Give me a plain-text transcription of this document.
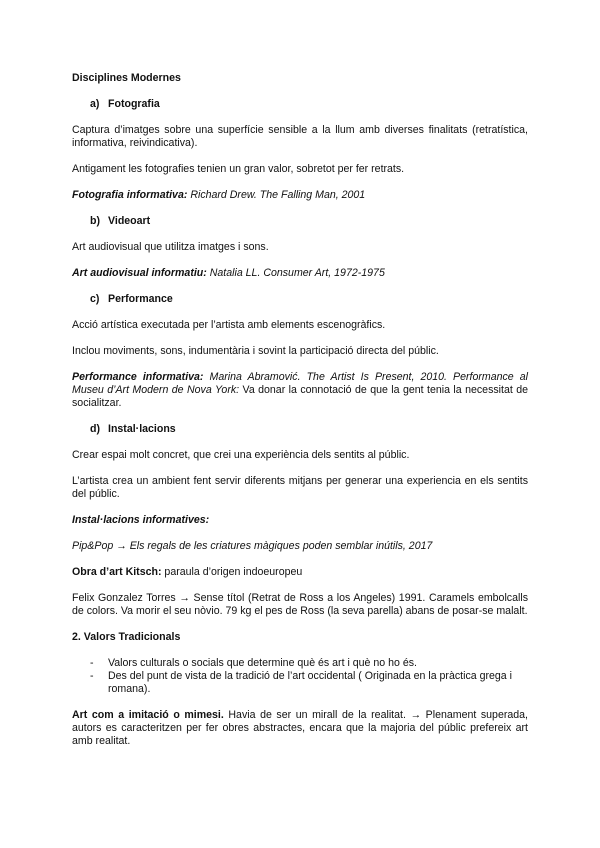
Disciplines Modernes

a) Fotografia

Captura d’imatges sobre una superfície sensible a la llum amb diverses finalitats (retratística, informativa, reivindicativa).

Antigament les fotografies tenien un gran valor, sobretot per fer retrats.

Fotografia informativa: Richard Drew. The Falling Man, 2001

b) Videoart

Art audiovisual que utilitza imatges i sons.

Art audiovisual informatiu: Natalia LL. Consumer Art, 1972-1975

c) Performance

Acció artística executada per l’artista amb elements escenogràfics.

Inclou moviments, sons, indumentària i sovint la participació directa del públic.

Performance informativa: Marina Abramović. The Artist Is Present, 2010. Performance al Museu d’Art Modern de Nova York: Va donar la connotació de que la gent tenia la necessitat de socialitzar.

d) Instal·lacions

Crear espai molt concret, que crei una experiència dels sentits al públic.

L’artista crea un ambient fent servir diferents mitjans per generar una experiencia en els sentits del públic.

Instal·lacions informatives:

Pip&Pop → Els regals de les criatures màgiques poden semblar inútils, 2017

Obra d’art Kitsch: paraula d’origen indoeuropeu

Felix Gonzalez Torres → Sense títol (Retrat de Ross a los Angeles) 1991. Caramels embolcalls de colors. Va morir el seu nòvio. 79 kg el pes de Ross (la seva parella) abans de posar-se malalt.

2. Valors Tradicionals

-	Valors culturals o socials que determine què és art i què no ho és.
-	Des del punt de vista de la tradició de l’art occidental ( Originada en la pràctica grega i romana).

Art com a imitació o mimesi. Havia de ser un mirall de la realitat. → Plenament superada, autors es caracteritzen per fer obres abstractes, encara que la majoria del públic prefereix art amb realitat.
